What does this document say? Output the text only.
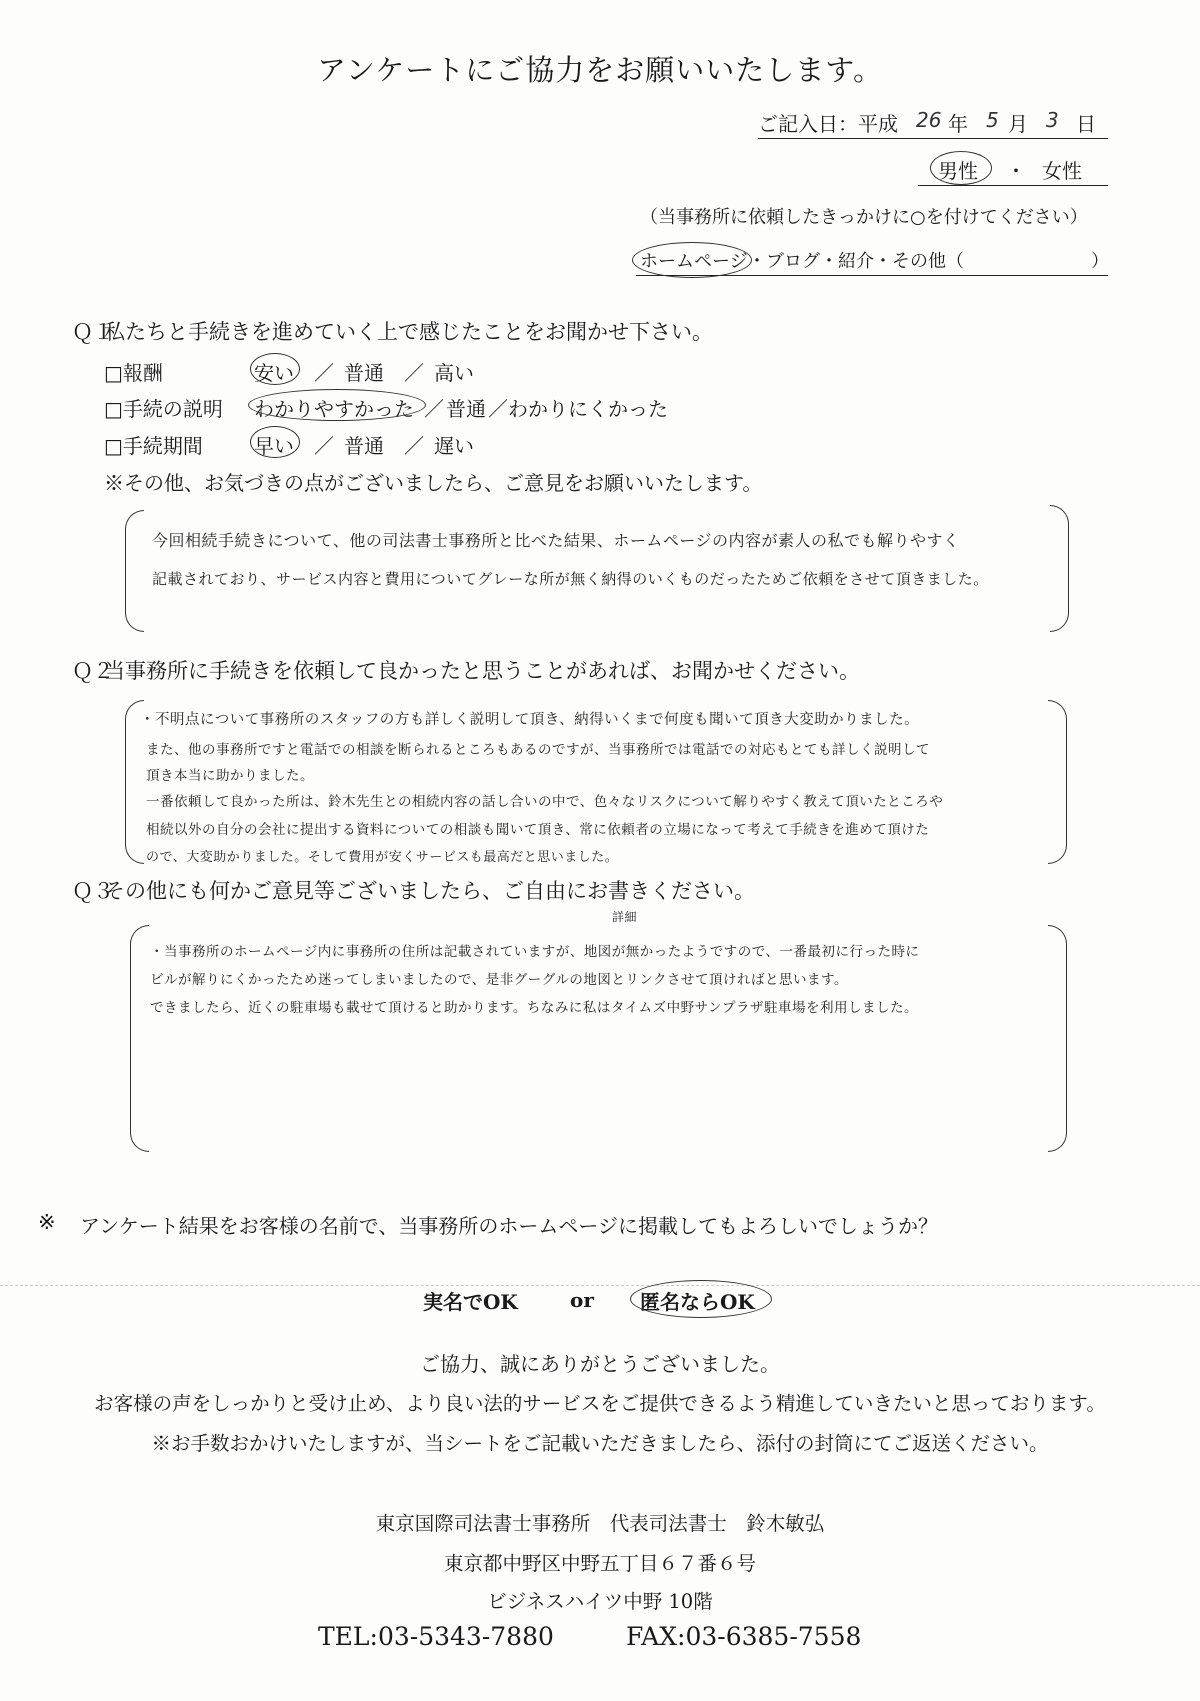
アンケートにご協力をお願いいたします。
ご記入日：平成 26 年 5 月 3 日
男性 ・ 女性
（当事務所に依頼したきっかけに○を付けてください）
ホームページ ・ブログ・紹介・その他（	）
Ｑ１
私たちと手続きを進めていく上で感じたことをお聞かせ下さい。
□報酬	安い ／ 普通 ／ 高い
□手続の説明 わかりやすかった ／ 普通 ／ わかりにくかった
□手続期間	早い ／ 普通 ／ 遅い
※その他、お気づきの点がございましたら、ご意見をお願いいたします。
今回相続手続きについて、他の司法書士事務所と比べた結果、ホームページの内容が素人の私でも解りやすく
記載されており、サービス内容と費用についてグレーな所が無く納得のいくものだったためご依頼をさせて頂きました。
Ｑ２
当事務所に手続きを依頼して良かったと思うことがあれば、お聞かせください。
・不明点について事務所のスタッフの方も詳しく説明して頂き、納得いくまで何度も聞いて頂き大変助かりました。
また、他の事務所ですと電話での相談を断られるところもあるのですが、当事務所では電話での対応もとても詳しく説明して
頂き本当に助かりました。
一番依頼して良かった所は、鈴木先生との相続内容の話し合いの中で、色々なリスクについて解りやすく教えて頂いたところや
相続以外の自分の会社に提出する資料についての相談も聞いて頂き、常に依頼者の立場になって考えて手続きを進めて頂けた
ので、大変助かりました。そして費用が安くサービスも最高だと思いました。
Ｑ３
その他にも何かご意見等ございましたら、ご自由にお書きください。
詳細
・当事務所のホームページ内に事務所の住所は記載されていますが、地図が無かったようですので、一番最初に行った時に
ビルが解りにくかったため迷ってしまいましたので、是非グーグルの地図とリンクさせて頂ければと思います。
できましたら、近くの駐車場も載せて頂けると助かります。ちなみに私はタイムズ中野サンプラザ駐車場を利用しました。
※ アンケート結果をお客様の名前で、当事務所のホームページに掲載してもよろしいでしょうか？
実名でOK	or 匿名ならOK
ご協力、誠にありがとうございました。
お客様の声をしっかりと受け止め、より良い法的サービスをご提供できるよう精進していきたいと思っております。
※お手数おかけいたしますが、当シートをご記載いただきましたら、添付の封筒にてご返送ください。
東京国際司法書士事務所　代表司法書士　鈴木敏弘
東京都中野区中野五丁目６７番６号
ビジネスハイツ中野 10階
TEL:03-5343-7880	FAX:03-6385-7558
